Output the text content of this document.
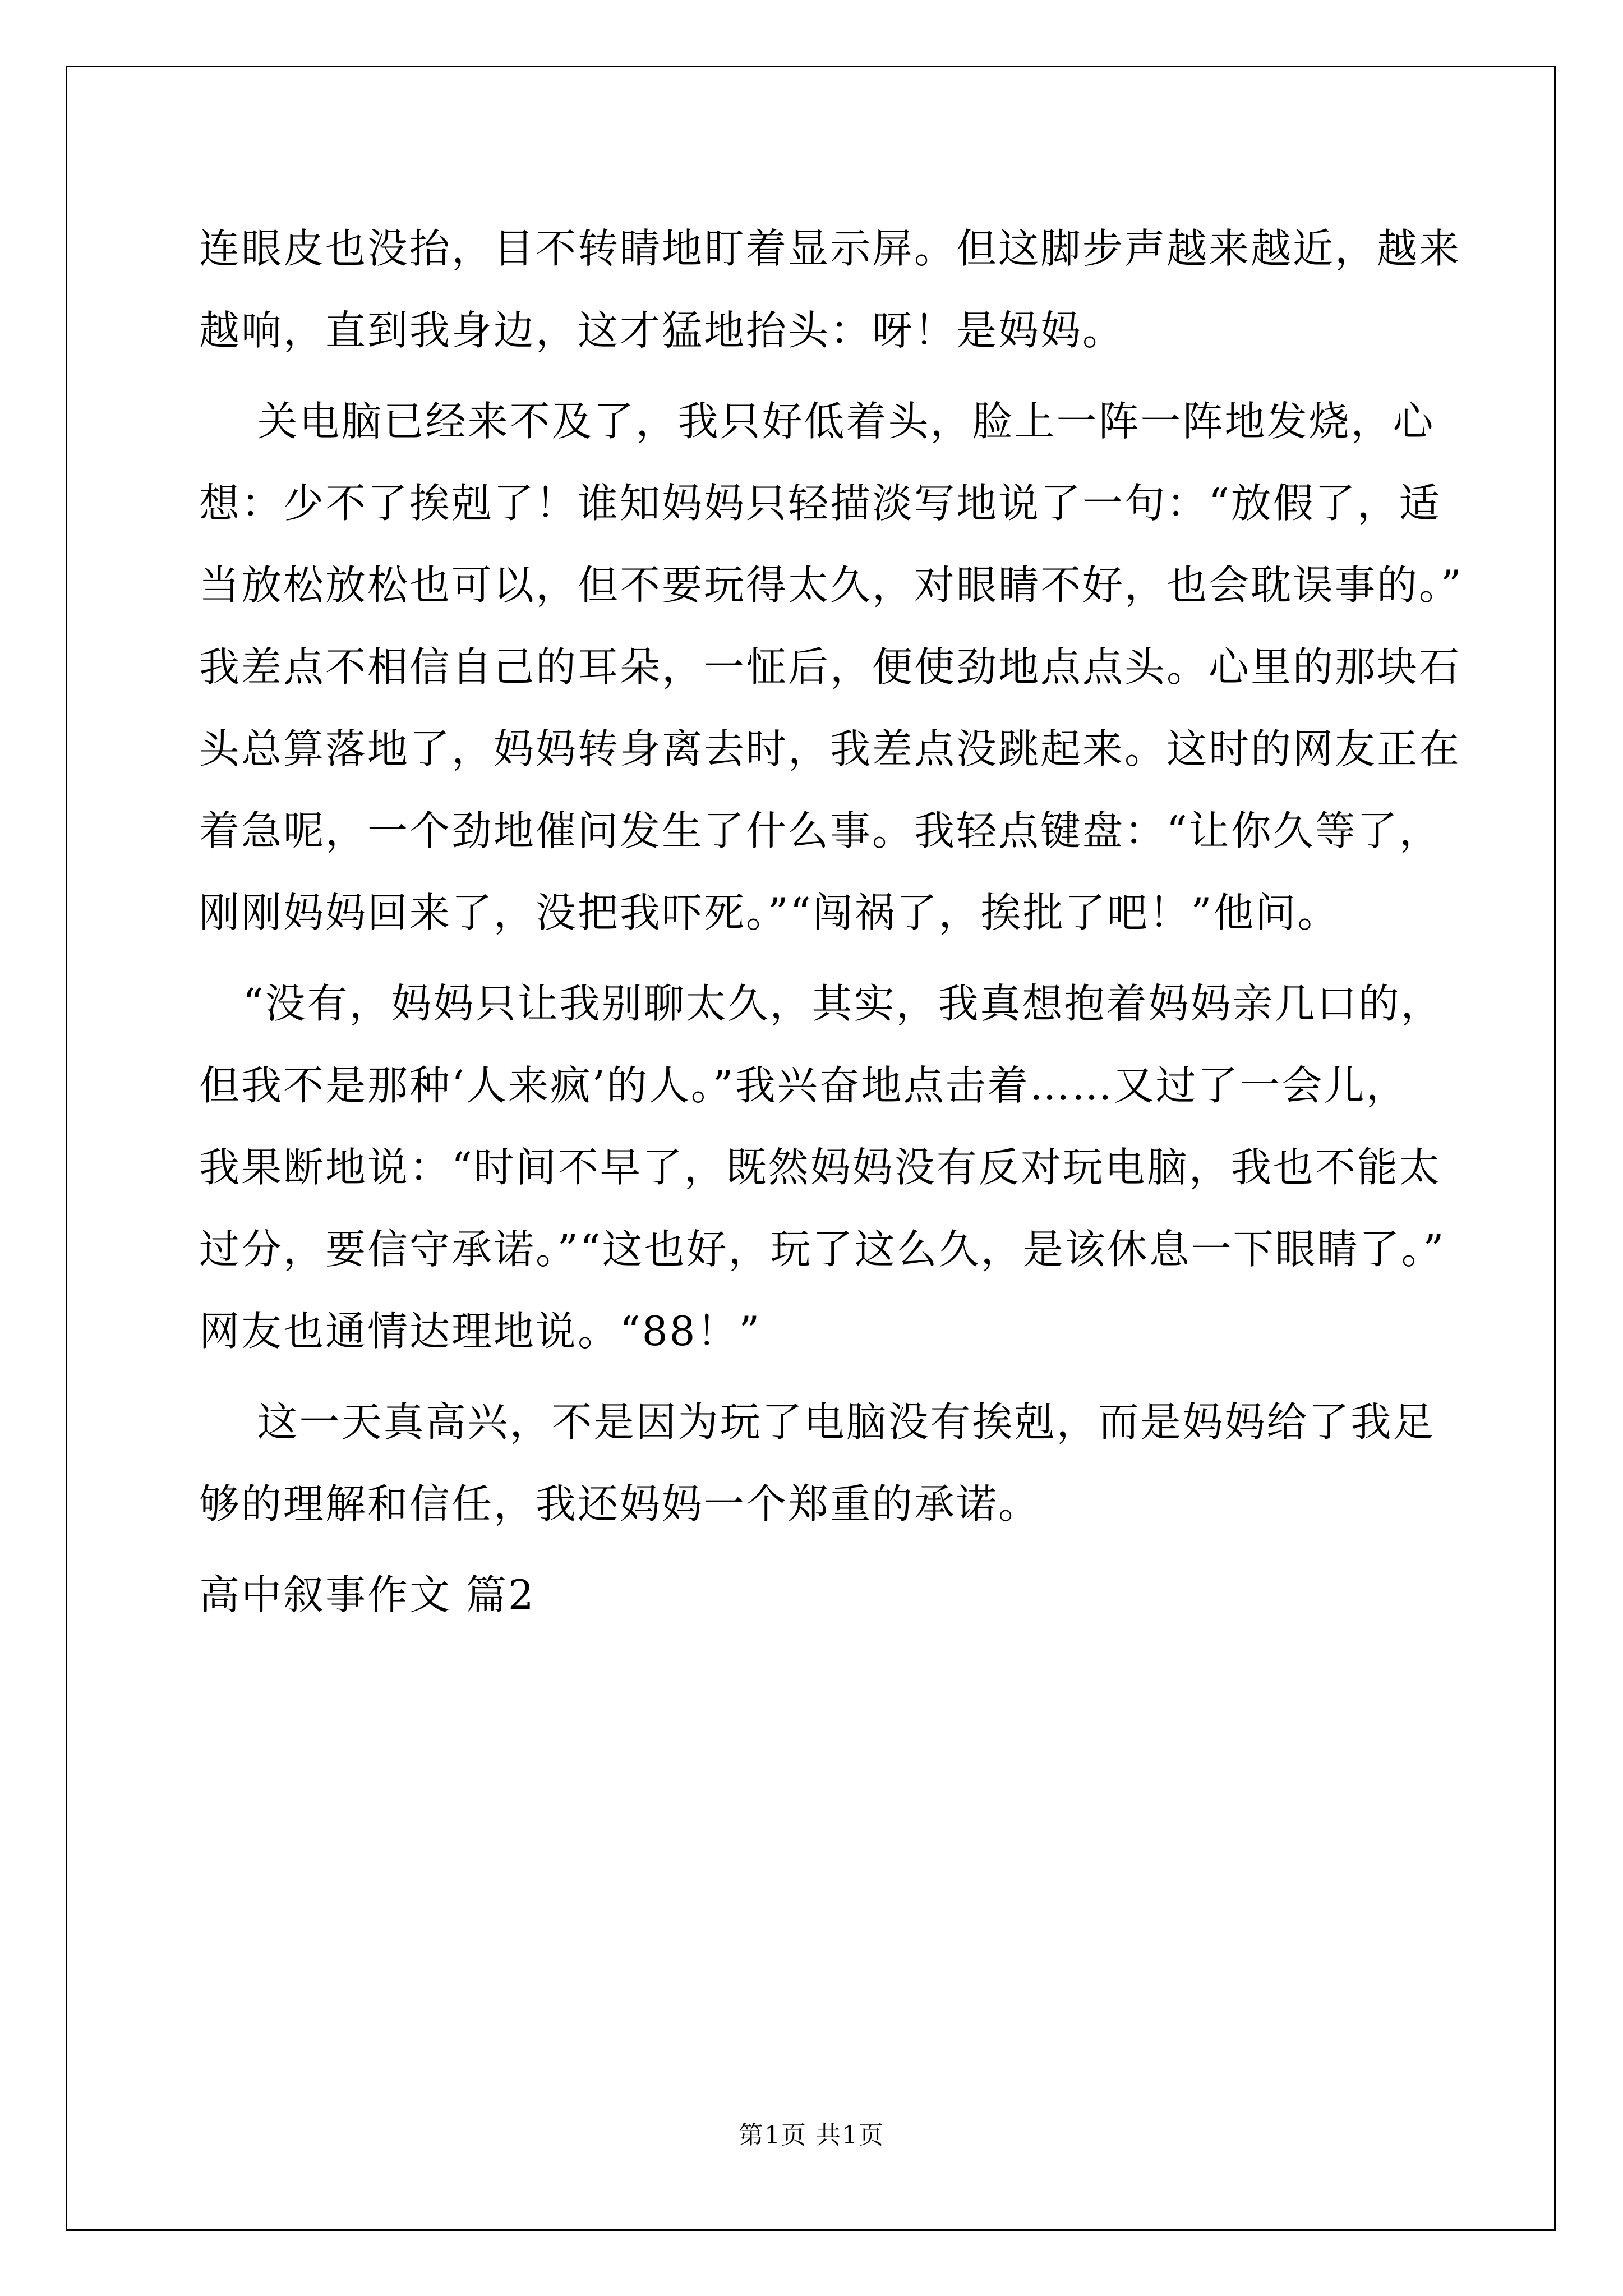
连眼皮也没抬，目不转睛地盯着显示屏。但这脚步声越来越近，越来
越响，直到我身边，这才猛地抬头：呀！是妈妈。
关电脑已经来不及了，我只好低着头，脸上一阵一阵地发烧，心
想：少不了挨剋了！谁知妈妈只轻描淡写地说了一句：“放假了，适
当放松放松也可以，但不要玩得太久，对眼睛不好，也会耽误事的。”
我差点不相信自己的耳朵，一怔后，便使劲地点点头。心里的那块石
头总算落地了，妈妈转身离去时，我差点没跳起来。这时的网友正在
着急呢，一个劲地催问发生了什么事。我轻点键盘：“让你久等了，
刚刚妈妈回来了，没把我吓死。”“闯祸了，挨批了吧！”他问。
“没有，妈妈只让我别聊太久，其实，我真想抱着妈妈亲几口的，
但我不是那种‘人来疯’的人。”我兴奋地点击着……又过了一会儿，
我果断地说：“时间不早了，既然妈妈没有反对玩电脑，我也不能太
过分，要信守承诺。”“这也好，玩了这么久，是该休息一下眼睛了。”
网友也通情达理地说。“88！”
这一天真高兴，不是因为玩了电脑没有挨剋，而是妈妈给了我足
够的理解和信任，我还妈妈一个郑重的承诺。
高中叙事作文 篇2
第1页 共1页
